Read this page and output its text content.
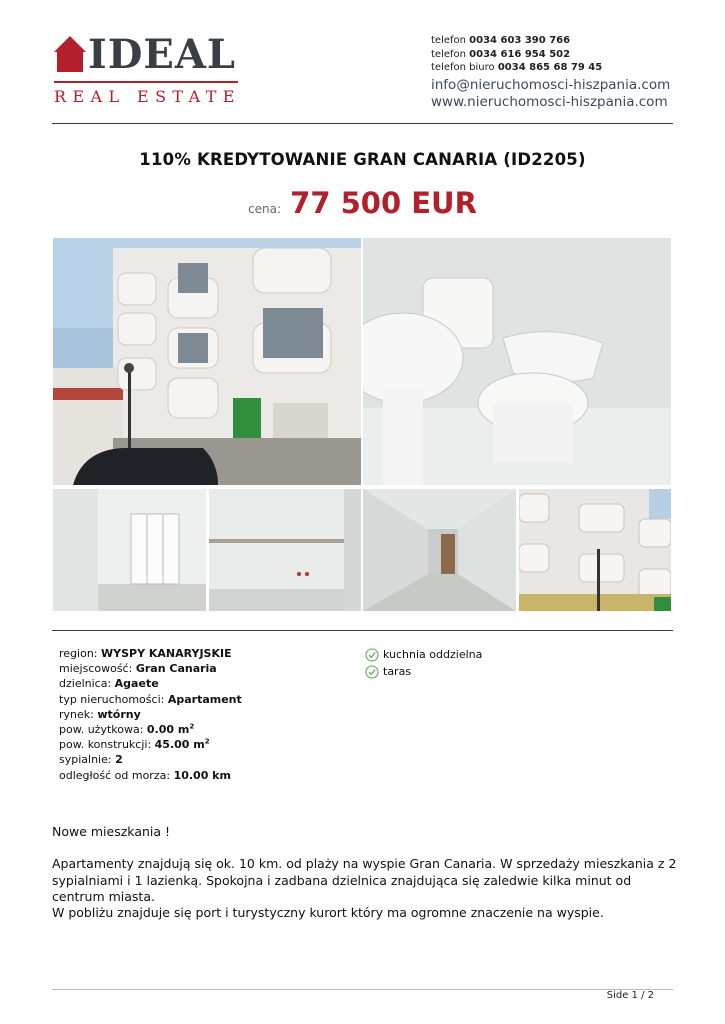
IDEAL
REAL ESTATE
telefon 0034 603 390 766
telefon 0034 616 954 502
telefon biuro 0034 865 68 79 45
info@nieruchomosci-hiszpania.com
www.nieruchomosci-hiszpania.com
110% KREDYTOWANIE GRAN CANARIA (ID2205)
cena: 77 500 EUR
region: WYSPY KANARYJSKIE
miejscowość: Gran Canaria
dzielnica: Agaete
typ nieruchomości: Apartament
rynek: wtórny
pow. użytkowa: 0.00 $m^2$
pow. konstrukcji: 45.00 $m^2$
sypialnie: 2
odległość od morza: 10.00 km
kuchnia oddzielna
taras

Nowe mieszkania !

Apartamenty znajdują się ok. 10 km. od plaży na wyspie Gran Canaria. W sprzedaży mieszkania z 2 sypialniami i 1 lazienką. Spokojna i zadbana dzielnica znajdująca się zaledwie kilka minut od centrum miasta.

W pobliżu znajduje się port i turystyczny kurort który ma ogromne znaczenie na wyspie.

Side 1 / 2
